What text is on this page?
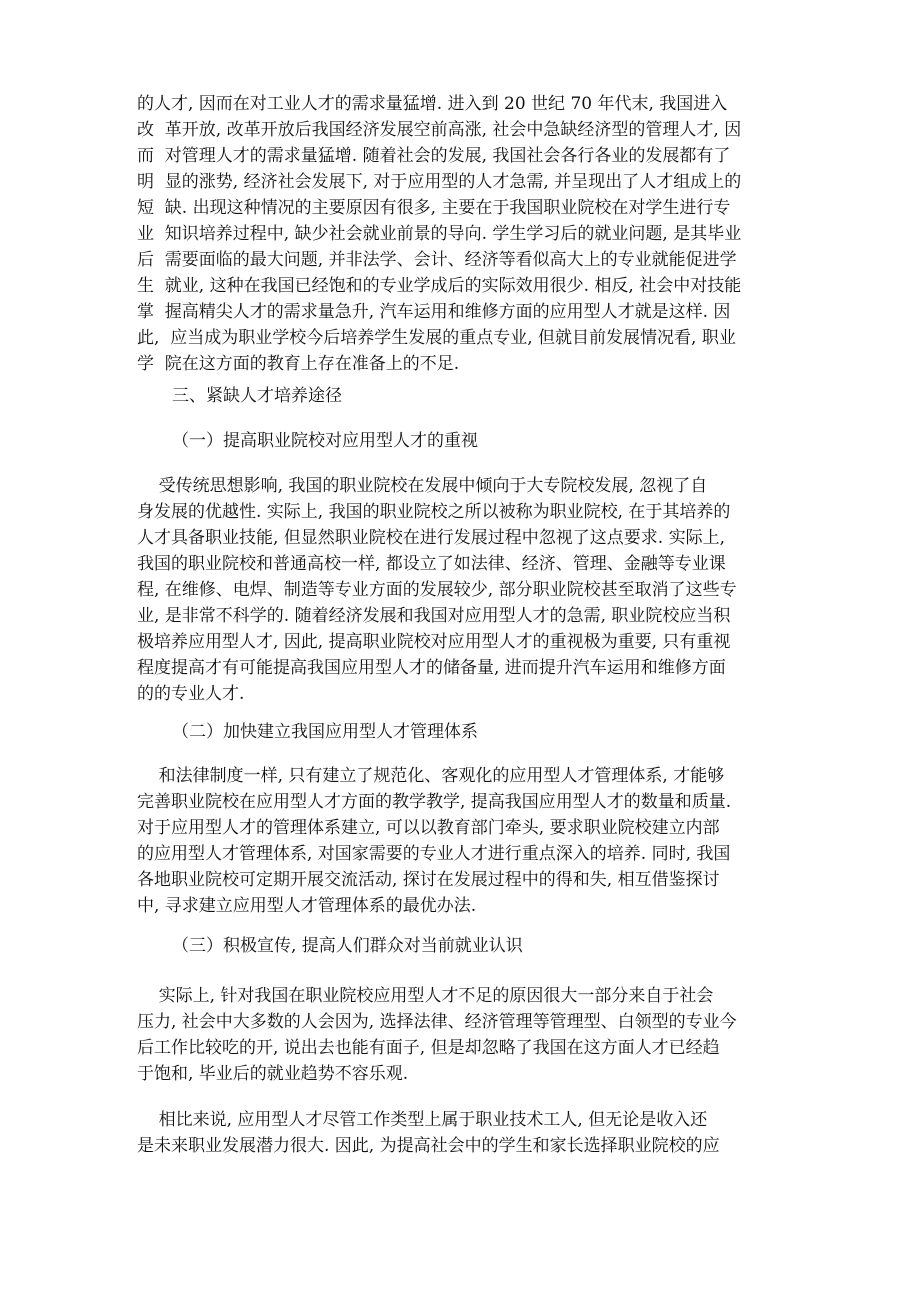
的人才, 因而在对工业人才的需求量猛增. 进入到 20 世纪 70 年代末, 我国进入
改  革开放, 改革开放后我国经济发展空前高涨, 社会中急缺经济型的管理人才, 因
而  对管理人才的需求量猛增. 随着社会的发展, 我国社会各行各业的发展都有了
明  显的涨势, 经济社会发展下, 对于应用型的人才急需, 并呈现出了人才组成上的
短  缺. 出现这种情况的主要原因有很多, 主要在于我国职业院校在对学生进行专
业  知识培养过程中, 缺少社会就业前景的导向. 学生学习后的就业问题, 是其毕业
后  需要面临的最大问题, 并非法学、会计、经济等看似高大上的专业就能促进学
生  就业, 这种在我国已经饱和的专业学成后的实际效用很少. 相反, 社会中对技能
掌  握高精尖人才的需求量急升, 汽车运用和维修方面的应用型人才就是这样. 因
此,  应当成为职业学校今后培养学生发展的重点专业, 但就目前发展情况看, 职业
学  院在这方面的教育上存在准备上的不足.
三、紧缺人才培养途径
（一）提高职业院校对应用型人才的重视
受传统思想影响, 我国的职业院校在发展中倾向于大专院校发展, 忽视了自
身发展的优越性. 实际上, 我国的职业院校之所以被称为职业院校, 在于其培养的
人才具备职业技能, 但显然职业院校在进行发展过程中忽视了这点要求. 实际上,
我国的职业院校和普通高校一样, 都设立了如法律、经济、管理、金融等专业课
程, 在维修、电焊、制造等专业方面的发展较少, 部分职业院校甚至取消了这些专
业, 是非常不科学的. 随着经济发展和我国对应用型人才的急需, 职业院校应当积
极培养应用型人才, 因此, 提高职业院校对应用型人才的重视极为重要, 只有重视
程度提高才有可能提高我国应用型人才的储备量, 进而提升汽车运用和维修方面
的的专业人才.
（二）加快建立我国应用型人才管理体系
和法律制度一样, 只有建立了规范化、客观化的应用型人才管理体系, 才能够
完善职业院校在应用型人才方面的教学教学, 提高我国应用型人才的数量和质量.
对于应用型人才的管理体系建立, 可以以教育部门牵头, 要求职业院校建立内部
的应用型人才管理体系, 对国家需要的专业人才进行重点深入的培养. 同时, 我国
各地职业院校可定期开展交流活动, 探讨在发展过程中的得和失, 相互借鉴探讨
中, 寻求建立应用型人才管理体系的最优办法.
（三）积极宣传, 提高人们群众对当前就业认识
实际上, 针对我国在职业院校应用型人才不足的原因很大一部分来自于社会
压力, 社会中大多数的人会因为, 选择法律、经济管理等管理型、白领型的专业今
后工作比较吃的开, 说出去也能有面子, 但是却忽略了我国在这方面人才已经趋
于饱和, 毕业后的就业趋势不容乐观.
相比来说, 应用型人才尽管工作类型上属于职业技术工人, 但无论是收入还
是未来职业发展潜力很大. 因此, 为提高社会中的学生和家长选择职业院校的应
